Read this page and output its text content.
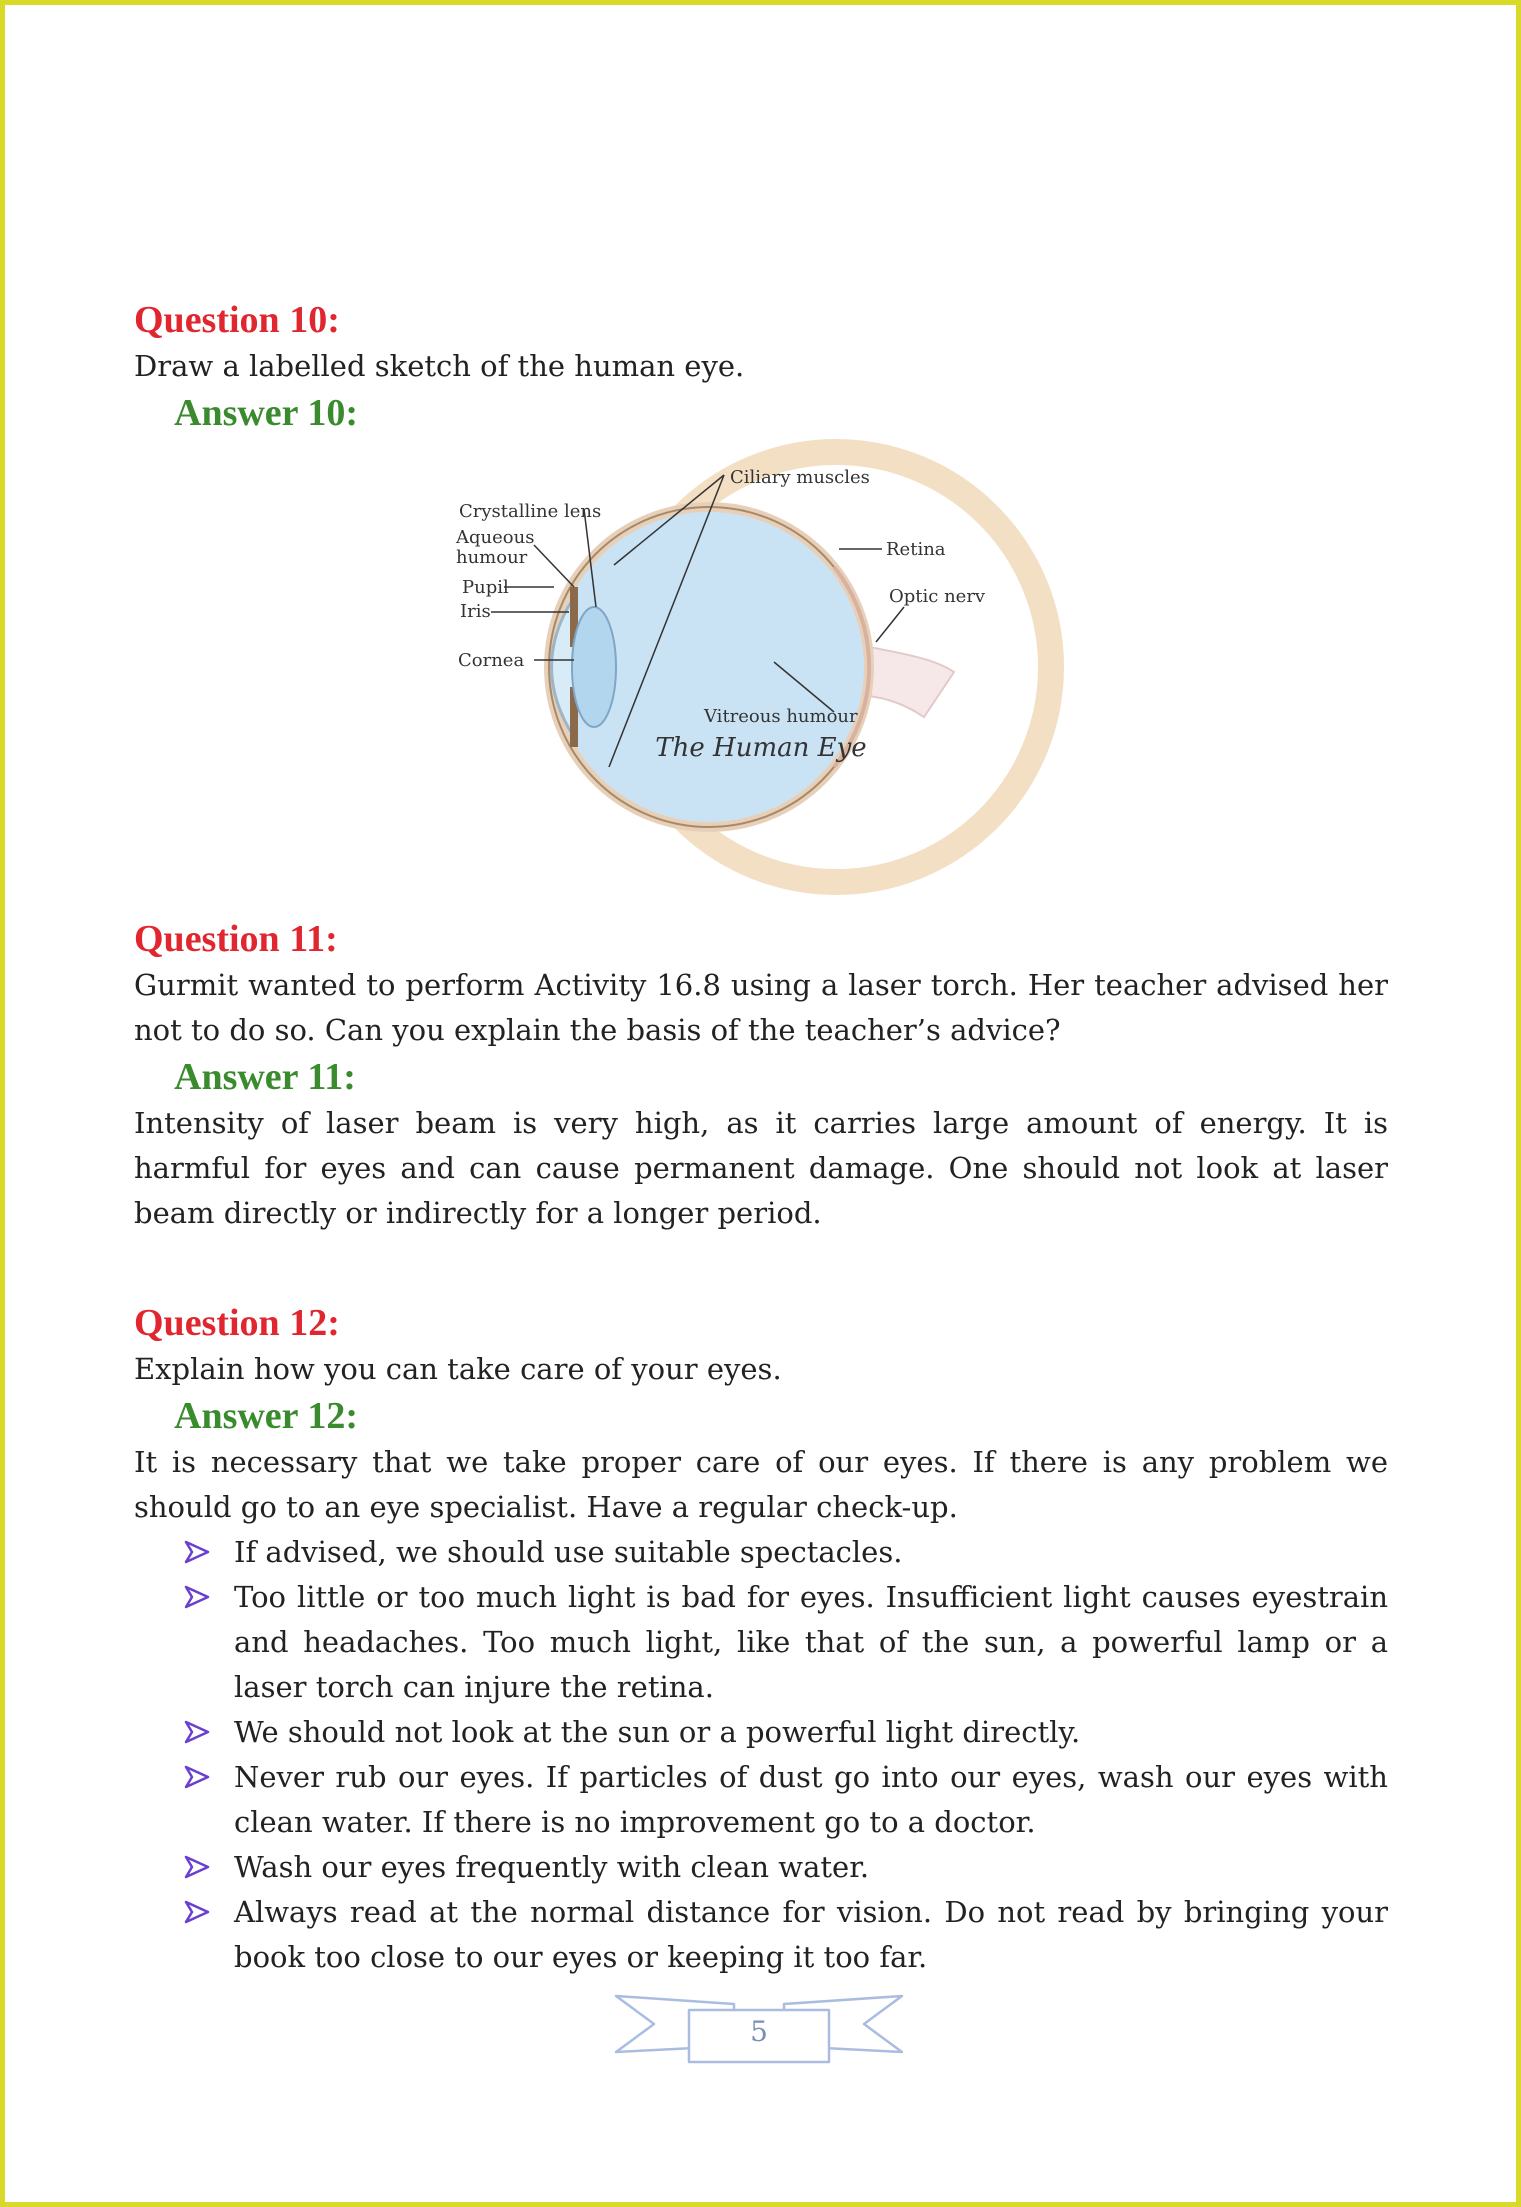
Question 10:

Draw a labelled sketch of the human eye.

Answer 10:
Ciliary muscles
Crystalline lens
Aqueous
humour
Pupil
Iris
Cornea
Retina
Optic nerv
Vitreous humour
The Human Eye
Question 11:

Gurmit wanted to perform Activity 16.8 using a laser torch. Her teacher advised her not to do so. Can you explain the basis of the teacher’s advice?

Answer 11:

Intensity of laser beam is very high, as it carries large amount of energy. It is harmful for eyes and can cause permanent damage. One should not look at laser beam directly or indirectly for a longer period.

Question 12:

Explain how you can take care of your eyes.

Answer 12:

It is necessary that we take proper care of our eyes. If there is any problem we should go to an eye specialist. Have a regular check-up.

If advised, we should use suitable spectacles.
Too little or too much light is bad for eyes. Insufficient light causes eyestrain and headaches. Too much light, like that of the sun, a powerful lamp or a laser torch can injure the retina.
We should not look at the sun or a powerful light directly.
Never rub our eyes. If particles of dust go into our eyes, wash our eyes with clean water. If there is no improvement go to a doctor.
Wash our eyes frequently with clean water.
Always read at the normal distance for vision. Do not read by bringing your book too close to our eyes or keeping it too far.
5
